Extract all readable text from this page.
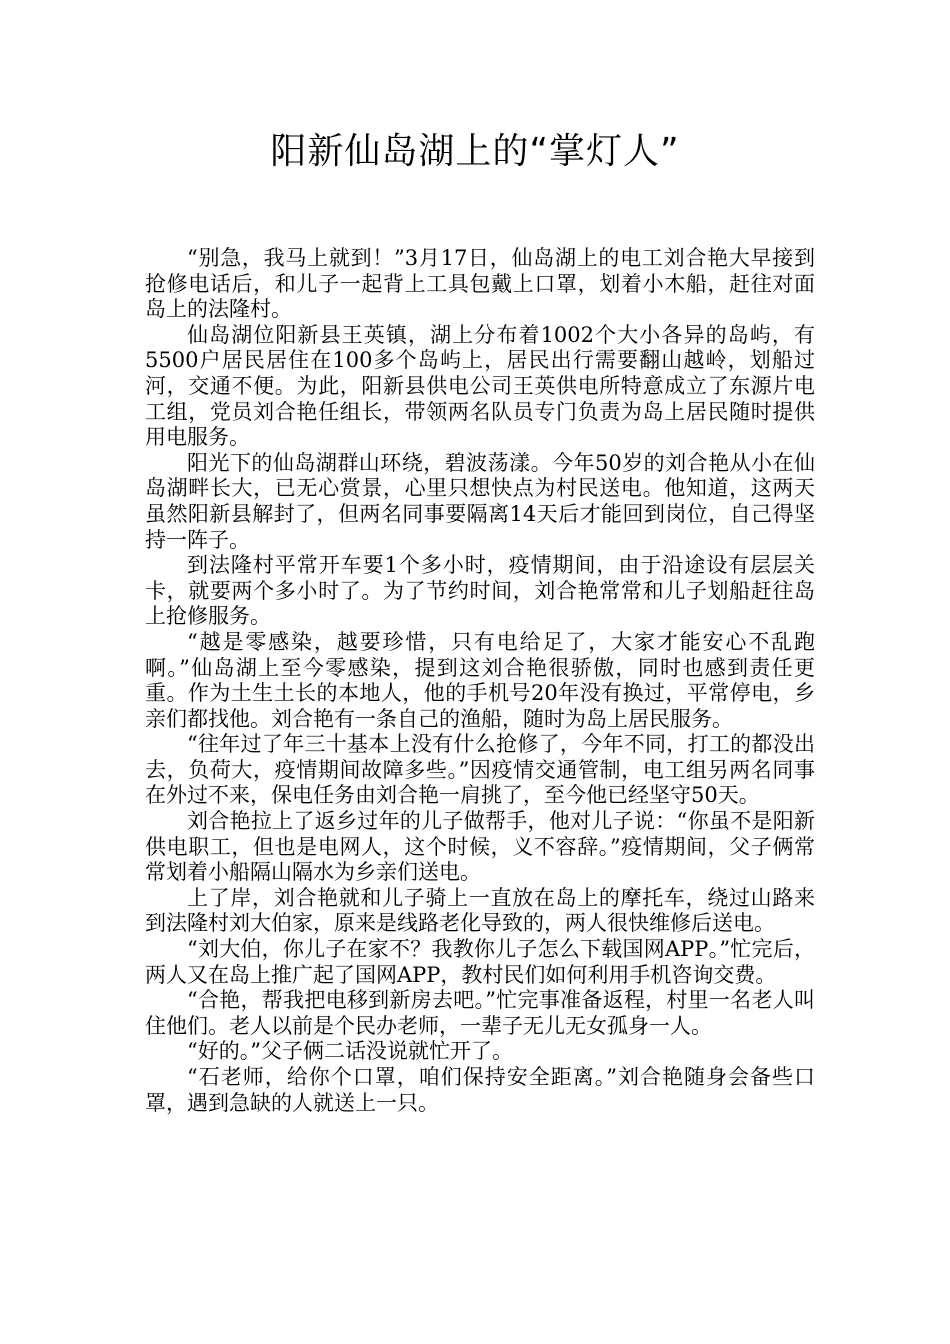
阳新仙岛湖上的“掌灯人”

“别急，我马上就到！”3月17日，仙岛湖上的电工刘合艳大早接到抢修电话后，和儿子一起背上工具包戴上口罩，划着小木船，赶往对面岛上的法隆村。

仙岛湖位阳新县王英镇，湖上分布着1002个大小各异的岛屿，有5500户居民居住在100多个岛屿上，居民出行需要翻山越岭，划船过河，交通不便。为此，阳新县供电公司王英供电所特意成立了东源片电工组，党员刘合艳任组长，带领两名队员专门负责为岛上居民随时提供用电服务。

阳光下的仙岛湖群山环绕，碧波荡漾。今年50岁的刘合艳从小在仙岛湖畔长大，已无心赏景，心里只想快点为村民送电。他知道，这两天虽然阳新县解封了，但两名同事要隔离14天后才能回到岗位，自己得坚持一阵子。

到法隆村平常开车要1个多小时，疫情期间，由于沿途设有层层关卡，就要两个多小时了。为了节约时间，刘合艳常常和儿子划船赶往岛上抢修服务。

“越是零感染，越要珍惜，只有电给足了，大家才能安心不乱跑啊。”仙岛湖上至今零感染，提到这刘合艳很骄傲，同时也感到责任更重。作为土生土长的本地人，他的手机号20年没有换过，平常停电，乡亲们都找他。刘合艳有一条自己的渔船，随时为岛上居民服务。

“往年过了年三十基本上没有什么抢修了，今年不同，打工的都没出去，负荷大，疫情期间故障多些。”因疫情交通管制，电工组另两名同事在外过不来，保电任务由刘合艳一肩挑了，至今他已经坚守50天。

刘合艳拉上了返乡过年的儿子做帮手，他对儿子说：“你虽不是阳新供电职工，但也是电网人，这个时候，义不容辞。”疫情期间，父子俩常常划着小船隔山隔水为乡亲们送电。

上了岸，刘合艳就和儿子骑上一直放在岛上的摩托车，绕过山路来到法隆村刘大伯家，原来是线路老化导致的，两人很快维修后送电。

“刘大伯，你儿子在家不？我教你儿子怎么下载国网APP。”忙完后，两人又在岛上推广起了国网APP，教村民们如何利用手机咨询交费。

“合艳，帮我把电移到新房去吧。”忙完事准备返程，村里一名老人叫住他们。老人以前是个民办老师，一辈子无儿无女孤身一人。

“好的。”父子俩二话没说就忙开了。

“石老师，给你个口罩，咱们保持安全距离。”刘合艳随身会备些口罩，遇到急缺的人就送上一只。
